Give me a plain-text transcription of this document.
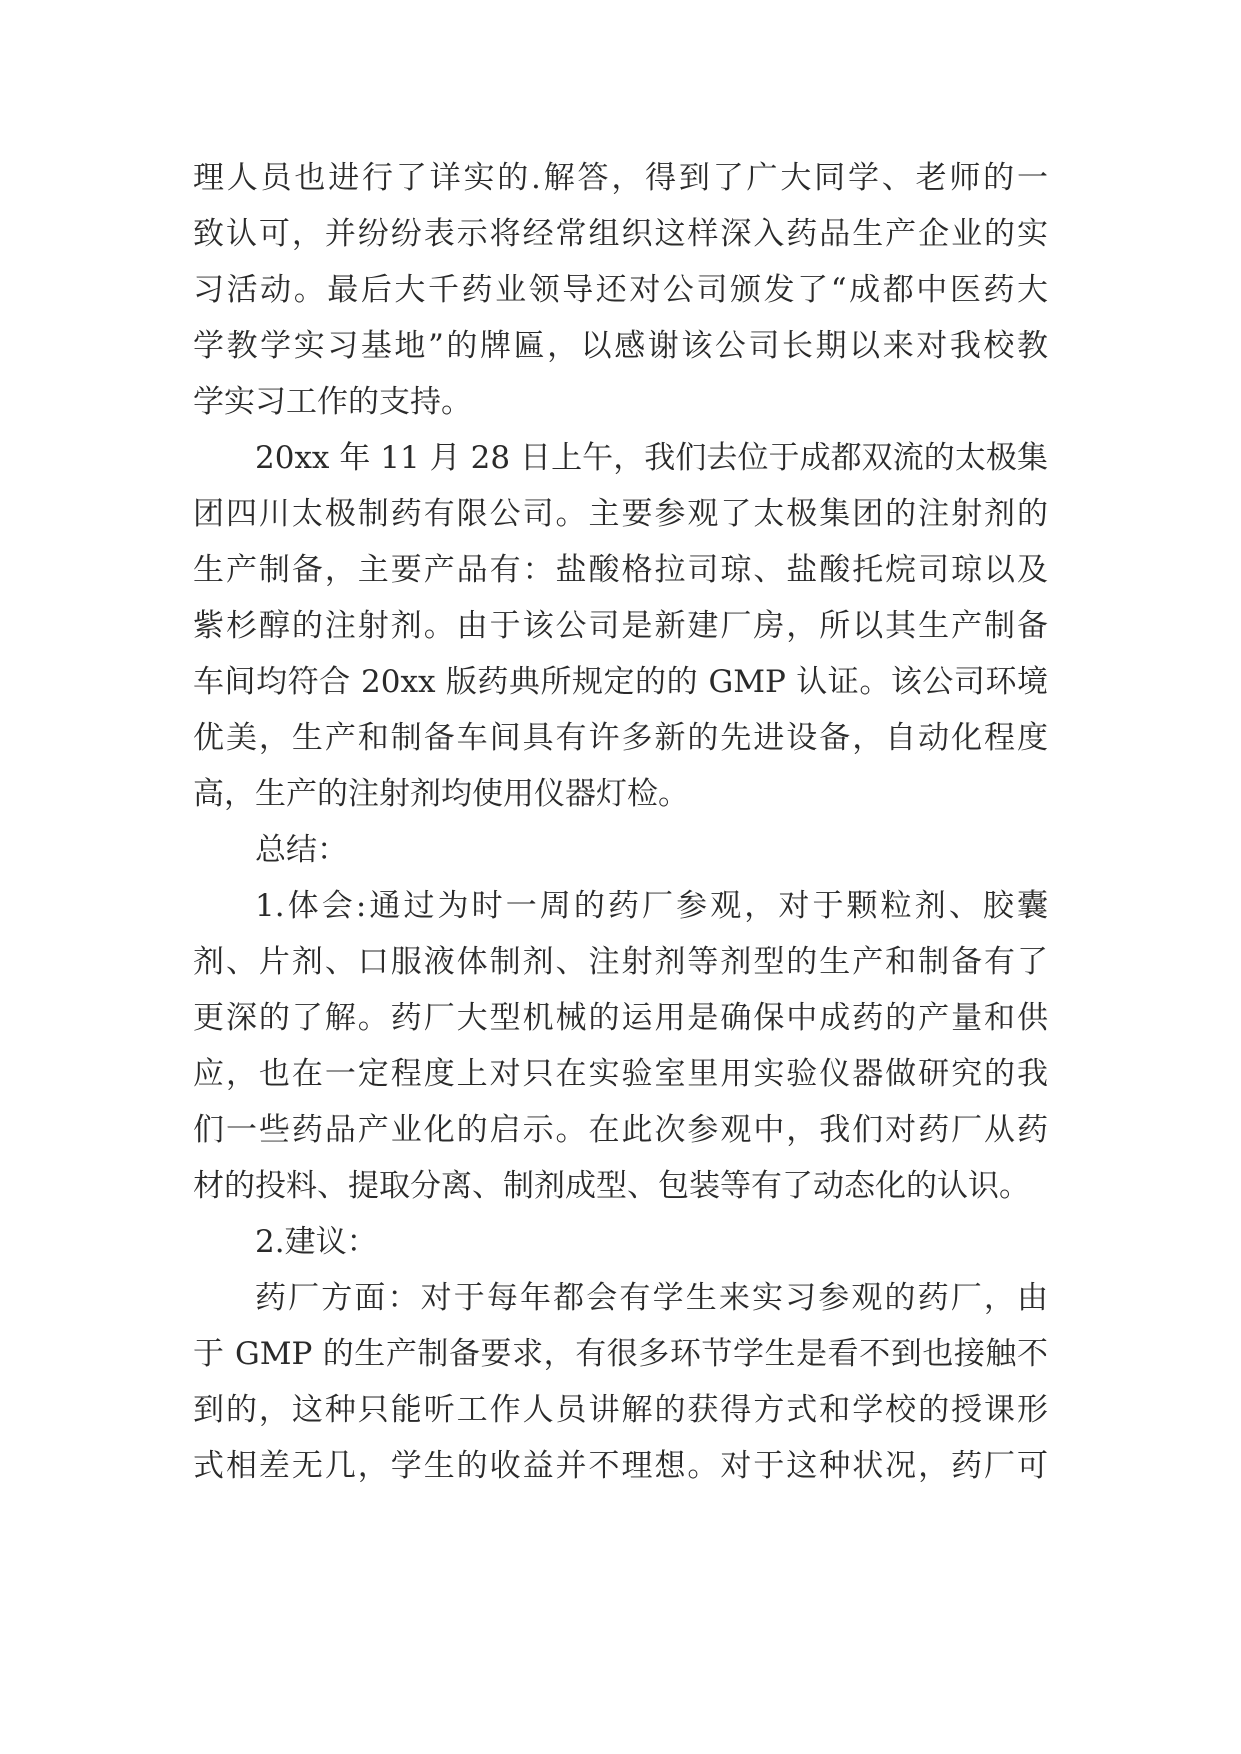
理人员也进行了详实的.解答，得到了广大同学、老师的一

致认可，并纷纷表示将经常组织这样深入药品生产企业的实

习活动。最后大千药业领导还对公司颁发了“成都中医药大

学教学实习基地”的牌匾，以感谢该公司长期以来对我校教

学实习工作的支持。

20xx 年 11 月 28 日上午，我们去位于成都双流的太极集

团四川太极制药有限公司。主要参观了太极集团的注射剂的

生产制备，主要产品有：盐酸格拉司琼、盐酸托烷司琼以及

紫杉醇的注射剂。由于该公司是新建厂房，所以其生产制备

车间均符合 20xx 版药典所规定的的 GMP 认证。该公司环境

优美，生产和制备车间具有许多新的先进设备，自动化程度

高，生产的注射剂均使用仪器灯检。

总结：

1.体会:通过为时一周的药厂参观，对于颗粒剂、胶囊

剂、片剂、口服液体制剂、注射剂等剂型的生产和制备有了

更深的了解。药厂大型机械的运用是确保中成药的产量和供

应，也在一定程度上对只在实验室里用实验仪器做研究的我

们一些药品产业化的启示。在此次参观中，我们对药厂从药

材的投料、提取分离、制剂成型、包装等有了动态化的认识。

2.建议：

药厂方面：对于每年都会有学生来实习参观的药厂，由

于 GMP 的生产制备要求，有很多环节学生是看不到也接触不

到的，这种只能听工作人员讲解的获得方式和学校的授课形

式相差无几，学生的收益并不理想。对于这种状况，药厂可
